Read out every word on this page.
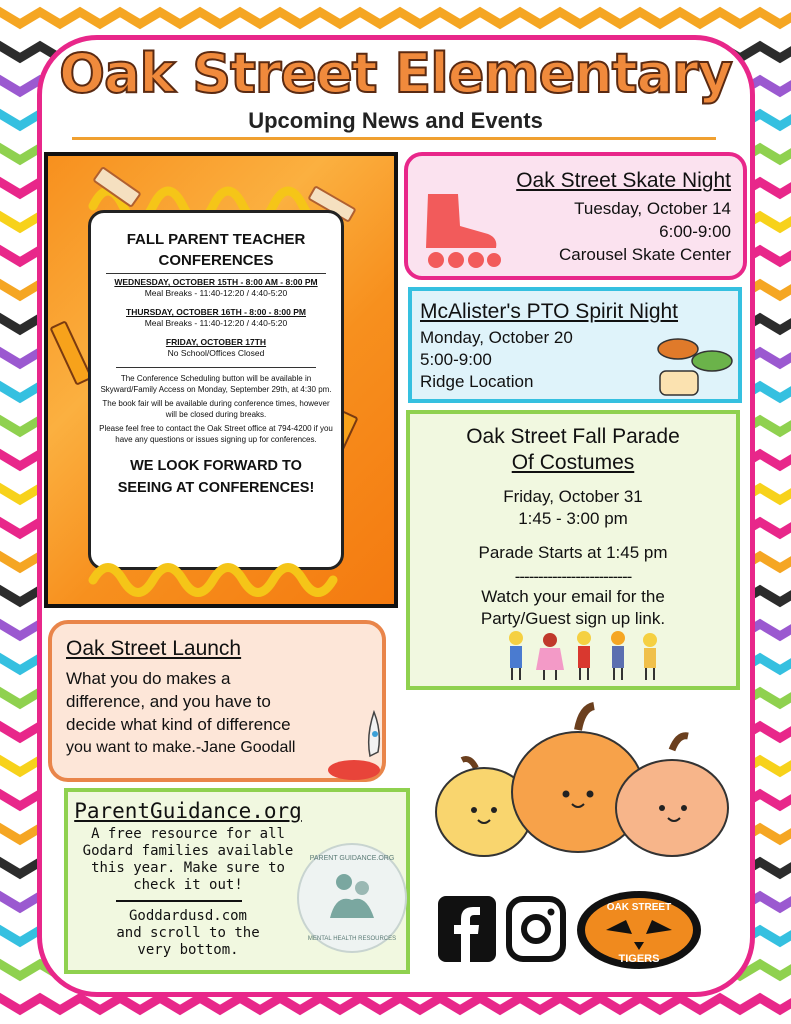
Oak Street Elementary
Upcoming News and Events
FALL PARENT TEACHER
CONFERENCES
WEDNESDAY, OCTOBER 15TH - 8:00 AM - 8:00 PM
Meal Breaks - 11:40-12:20 / 4:40-5:20
THURSDAY, OCTOBER 16TH - 8:00 - 8:00 PM
Meal Breaks - 11:40-12:20 / 4:40-5:20
FRIDAY, OCTOBER 17TH
No School/Offices Closed
The Conference Scheduling button will be available in Skyward/Family Access on Monday, September 29th, at 4:30 pm.
The book fair will be available during conference times, however will be closed during breaks.
Please feel free to contact the Oak Street office at 794-4200 if you have any questions or issues signing up for conferences.
WE LOOK FORWARD TO
SEEING AT CONFERENCES!
Oak Street Skate Night
Tuesday, October 14
6:00-9:00
Carousel Skate Center
McAlister's PTO Spirit Night
Monday, October 20
5:00-9:00
Ridge Location
Oak Street Fall Parade
Of Costumes
Friday, October 31
1:45 - 3:00 pm
Parade Starts at 1:45 pm
-------------------------
Watch your email for the
Party/Guest sign up link.
Oak Street Launch
What you do makes a
difference, and you have to
decide what kind of difference
you want to make.-Jane Goodall
ParentGuidance.org
A free resource for all
Godard families available
this year. Make sure to
check it out!
Goddardusd.com
and scroll to the
very bottom.
PARENT GUIDANCE.ORG
MENTAL HEALTH RESOURCES
OAK STREET
TIGERS
